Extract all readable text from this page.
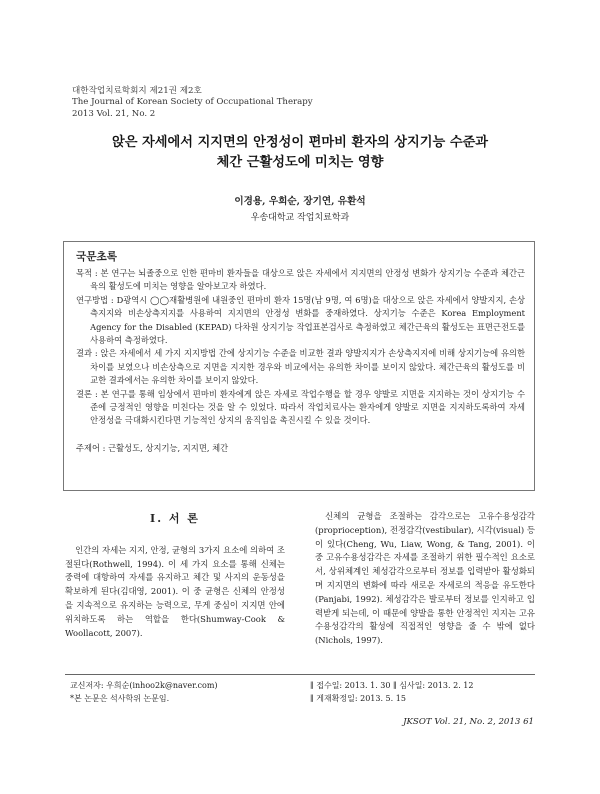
대한작업치료학회지 제21권 제2호
The Journal of Korean Society of Occupational Therapy
2013 Vol. 21, No. 2
앉은 자세에서 지지면의 안정성이 편마비 환자의 상지기능 수준과
체간 근활성도에 미치는 영향
이경용, 우희순, 장기연, 유환석
우송대학교 작업치료학과
국문초록
목적 : 본 연구는 뇌졸중으로 인한 편마비 환자들을 대상으로 앉은 자세에서 지지면의 안정성 변화가 상지기능 수준과 체간근육의 활성도에 미치는 영향을 알아보고자 하였다.
연구방법 : D광역시 ◯◯재활병원에 내원중인 편마비 환자 15명(남 9명, 여 6명)을 대상으로 앉은 자세에서 양발지지, 손상측지지와 비손상측지지를 사용하여 지지면의 안정성 변화를 중재하였다. 상지기능 수준은 Korea Employment Agency for the Disabled (KEPAD) 다차원 상지기능 작업표본검사로 측정하였고 체간근육의 활성도는 표면근전도를 사용하여 측정하였다.
결과 : 앉은 자세에서 세 가지 지지방법 간에 상지기능 수준을 비교한 결과 양발지지가 손상측지지에 비해 상지기능에 유의한 차이를 보였으나 비손상측으로 지면을 지지한 경우와 비교에서는 유의한 차이를 보이지 않았다. 체간근육의 활성도를 비교한 결과에서는 유의한 차이를 보이지 않았다.
결론 : 본 연구를 통해 임상에서 편마비 환자에게 앉은 자세로 작업수행을 할 경우 양발로 지면을 지지하는 것이 상지기능 수준에 긍정적인 영향을 미친다는 것을 알 수 있었다. 따라서 작업치료사는 환자에게 양발로 지면을 지지하도록하여 자세 안정성을 극대화시킨다면 기능적인 상지의 움직임을 촉진시킬 수 있을 것이다.
주제어 : 근활성도, 상지기능, 지지면, 체간
Ⅰ. 서 론

인간의 자세는 지지, 안정, 균형의 3가지 요소에 의하여 조절된다(Rothwell, 1994). 이 세 가지 요소를 통해 신체는 중력에 대항하여 자세를 유지하고 체간 및 사지의 운동성을 확보하게 된다(김대영, 2001). 이 중 균형은 신체의 안정성을 지속적으로 유지하는 능력으로, 무게 중심이 지지면 안에 위치하도록 하는 역할을 한다(Shumway-Cook & Woollacott, 2007).

신체의 균형을 조절하는 감각으로는 고유수용성감각(proprioception), 전정감각(vestibular), 시각(visual) 등이 있다(Cheng, Wu, Liaw, Wong, & Tang, 2001). 이 중 고유수용성감각은 자세를 조절하기 위한 필수적인 요소로서, 상위체계인 체성감각으로부터 정보를 입력받아 활성화되며 지지면의 변화에 따라 새로운 자세로의 적응을 유도한다(Panjabi, 1992). 체성감각은 발로부터 정보를 인지하고 입력받게 되는데, 이 때문에 양발을 통한 안정적인 지지는 고유수용성감각의 활성에 직접적인 영향을 줄 수 밖에 없다(Nichols, 1997).

교신저자: 우희순(inhoo2k@naver.com)
*본 논문은 석사학위 논문임.
∥ 접수일: 2013. 1. 30 ∥ 심사일: 2013. 2. 12
∥ 게재확정일: 2013. 5. 15
JKSOT Vol. 21, No. 2, 2013 61
